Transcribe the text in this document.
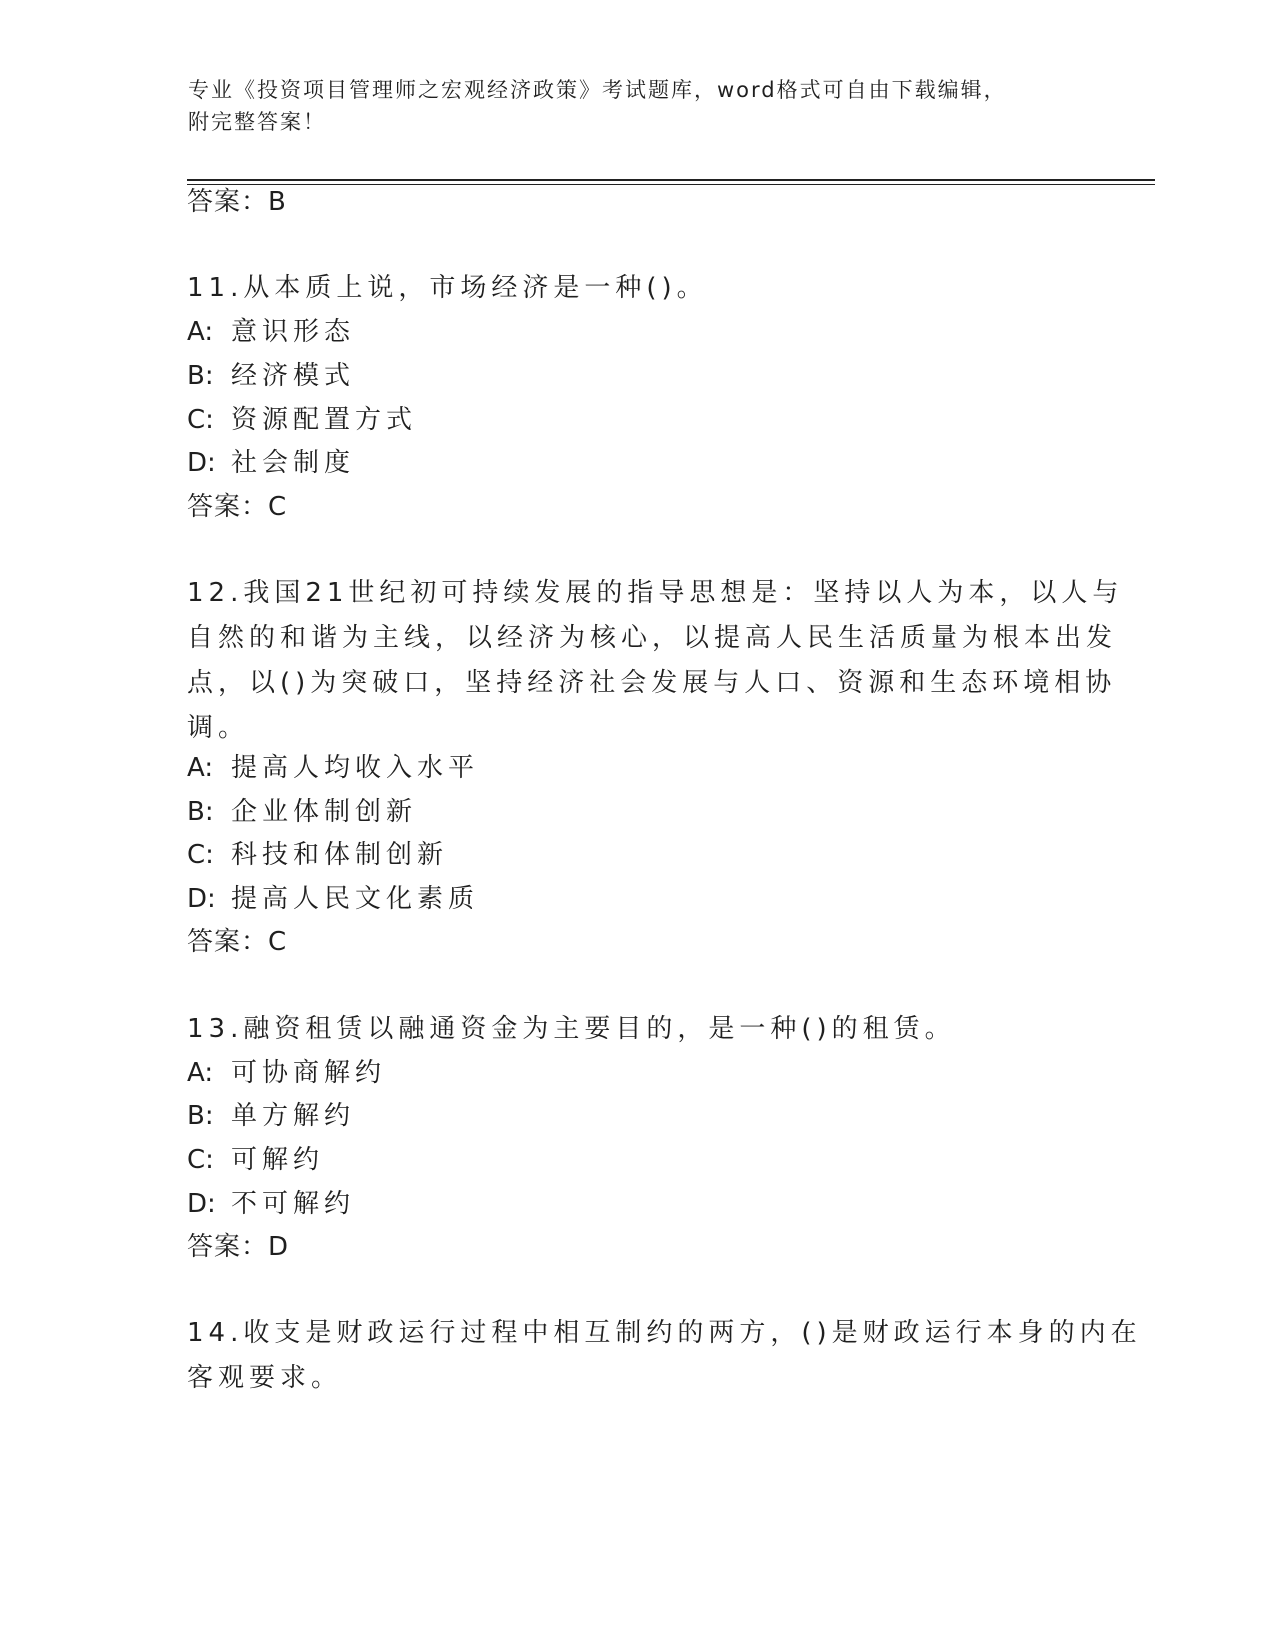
专业《投资项目管理师之宏观经济政策》考试题库，word格式可自由下载编辑，
附完整答案！
答案：B
11.从本质上说，市场经济是一种()。
A: 意识形态
B: 经济模式
C: 资源配置方式
D: 社会制度
答案：C
12.我国21世纪初可持续发展的指导思想是：坚持以人为本，以人与
自然的和谐为主线，以经济为核心，以提高人民生活质量为根本出发
点，以()为突破口，坚持经济社会发展与人口、资源和生态环境相协
调。
A: 提高人均收入水平
B: 企业体制创新
C: 科技和体制创新
D: 提高人民文化素质
答案：C
13.融资租赁以融通资金为主要目的，是一种()的租赁。
A: 可协商解约
B: 单方解约
C: 可解约
D: 不可解约
答案：D
14.收支是财政运行过程中相互制约的两方，()是财政运行本身的内在
客观要求。
